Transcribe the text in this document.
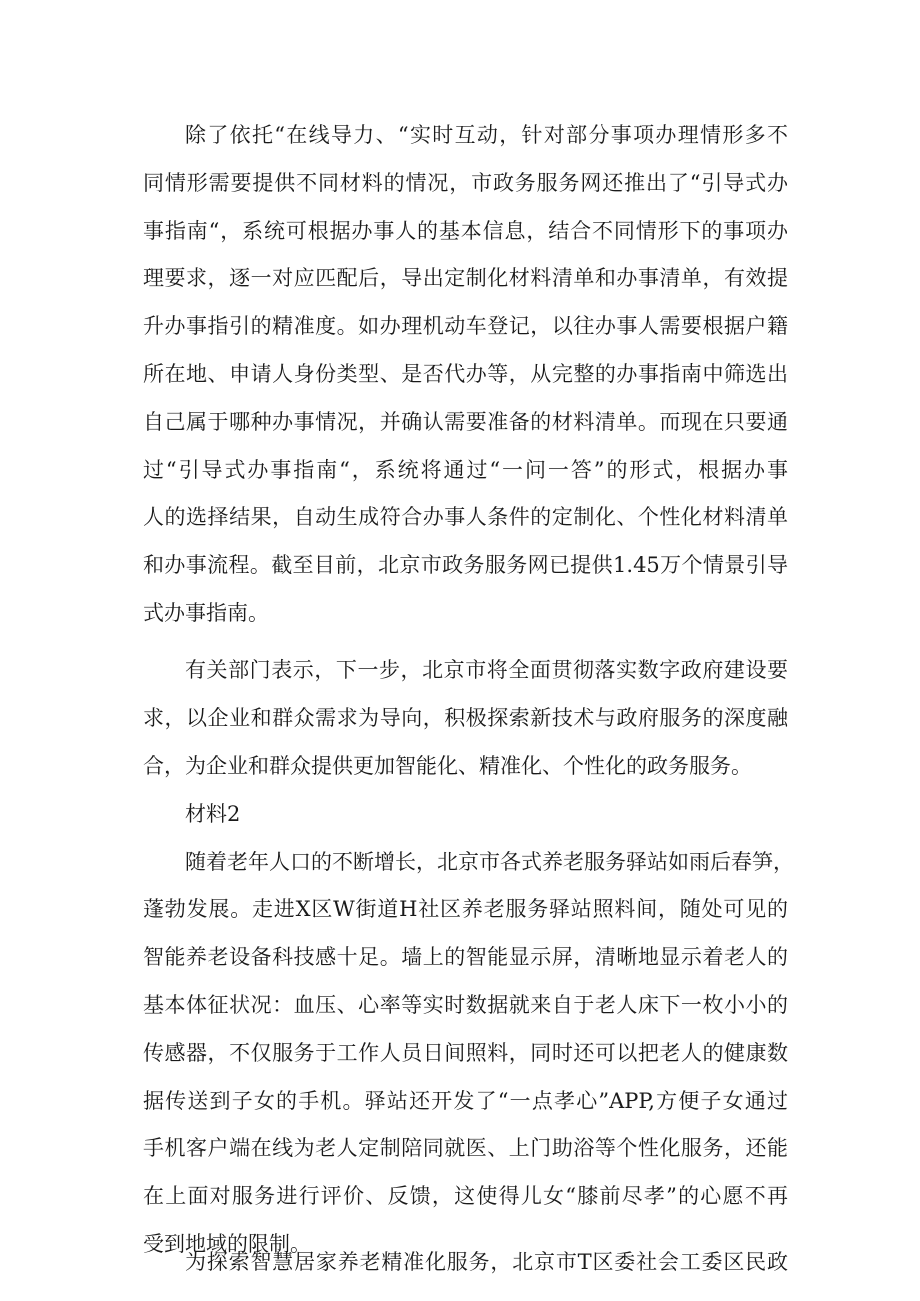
除了依托“在线导力、“实时互动，针对部分事项办理情形多不
同情形需要提供不同材料的情况，市政务服务网还推出了“引导式办
事指南“，系统可根据办事人的基本信息，结合不同情形下的事项办
理要求，逐一对应匹配后，导出定制化材料清单和办事清单，有效提
升办事指引的精准度。如办理机动车登记，以往办事人需要根据户籍
所在地、申请人身份类型、是否代办等，从完整的办事指南中筛选出
自己属于哪种办事情况，并确认需要准备的材料清单。而现在只要通
过“引导式办事指南“，系统将通过“一问一答”的形式，根据办事
人的选择结果，自动生成符合办事人条件的定制化、个性化材料清单
和办事流程。截至目前，北京市政务服务网已提供1.45万个情景引导
式办事指南。
有关部门表示，下一步，北京市将全面贯彻落实数字政府建设要
求，以企业和群众需求为导向，积极探索新技术与政府服务的深度融
合，为企业和群众提供更加智能化、精准化、个性化的政务服务。
材料2
随着老年人口的不断增长，北京市各式养老服务驿站如雨后春笋，
蓬勃发展。走进X区W街道H社区养老服务驿站照料间，随处可见的
智能养老设备科技感十足。墙上的智能显示屏，清晰地显示着老人的
基本体征状况：血压、心率等实时数据就来自于老人床下一枚小小的
传感器，不仅服务于工作人员日间照料，同时还可以把老人的健康数
据传送到子女的手机。驿站还开发了“一点孝心”APP,方便子女通过
手机客户端在线为老人定制陪同就医、上门助浴等个性化服务，还能
在上面对服务进行评价、反馈，这使得儿女“膝前尽孝”的心愿不再
受到地域的限制。
为探索智慧居家养老精准化服务，北京市T区委社会工委区民政
